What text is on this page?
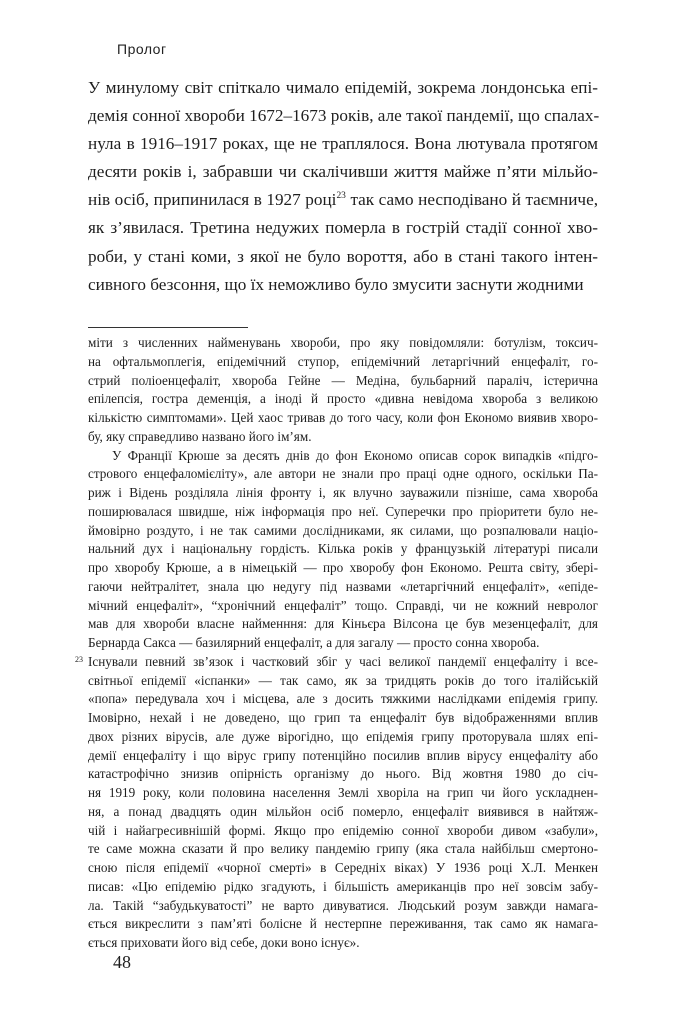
Пролог
У минулому світ спіткало чимало епідемій, зокрема лондонська епі-
демія сонної хвороби 1672–1673 років, але такої пандемії, що спалах-
нула в 1916–1917 роках, ще не траплялося. Вона лютувала протягом
десяти років і, забравши чи скалічивши життя майже п’яти мільйо-
нів осіб, припинилася в 1927 році$^{23}$ так само несподівано й таємниче,
як з’явилася. Третина недужих померла в гострій стадії сонної хво-
роби, у стані коми, з якої не було вороття, або в стані такого інтен-
сивного безсоння, що їх неможливо було змусити заснути жодними
міти з численних найменувань хвороби, про яку повідомляли: ботулізм, токсич-
на офтальмоплегія, епідемічний ступор, епідемічний летаргічний енцефаліт, го-
стрий поліоенцефаліт, хвороба Гейне — Медіна, бульбарний параліч, істерична
епілепсія, гостра деменція, а іноді й просто «дивна невідома хвороба з великою
кількістю симптомами». Цей хаос тривав до того часу, коли фон Економо виявив хворо-
бу, яку справедливо названо його ім’ям.
У Франції Крюше за десять днів до фон Економо описав сорок випадків «підго-
стрового енцефаломієліту», але автори не знали про праці одне одного, оскільки Па-
риж і Відень розділяла лінія фронту і, як влучно зауважили пізніше, сама хвороба
поширювалася швидше, ніж інформація про неї. Суперечки про пріоритети було не-
ймовірно роздуто, і не так самими дослідниками, як силами, що розпалювали націо-
нальний дух і національну гордість. Кілька років у французькій літературі писали
про хворобу Крюше, а в німецькій — про хворобу фон Економо. Решта світу, зберi-
гаючи нейтралітет, знала цю недугу під назвами «летаргічний енцефаліт», «епіде-
мічний енцефаліт», “хронічний енцефаліт” тощо. Справді, чи не кожний невролог
мав для хвороби власне найменння: для Кіньєра Вілсона це був мезенцефаліт, для
Бернарда Сакса — базилярний енцефаліт, а для загалу — просто сонна хвороба.
23 Існували певний зв’язок і частковий збіг у часі великої пандемії енцефаліту і все-
світньої епідемії «іспанки» — так само, як за тридцять років до того італійській
«попа» передувала хоч і місцева, але з досить тяжкими наслідками епідемія грипу.
Імовірно, нехай і не доведено, що грип та енцефаліт був відображеннями вплив
двох різних вірусів, але дуже вірогідно, що епідемія грипу проторувала шлях епі-
демії енцефаліту і що вірус грипу потенційно посилив вплив вірусу енцефаліту або
катастрофічно знизив опірність організму до нього. Від жовтня 1980 до січ-
ня 1919 року, коли половина населення Землі хворіла на грип чи його ускладнен-
ня, а понад двадцять один мільйон осіб померло, енцефаліт виявився в найтяж-
чій і найагресивнішій формі. Якщо про епідемію сонної хвороби дивом «забули»,
те саме можна сказати й про велику пандемію грипу (яка стала найбільш смертоно-
сною після епідемії «чорної смерті» в Середніх віках) У 1936 році Х.Л. Менкен
писав: «Цю епідемію рідко згадують, і більшість американців про неї зовсім забу-
ла. Такій “забудькуватості” не варто дивуватися. Людський розум завжди намага-
ється викреслити з пам’яті болісне й нестерпне переживання, так само як намага-
ється приховати його від себе, доки воно існує».
48
